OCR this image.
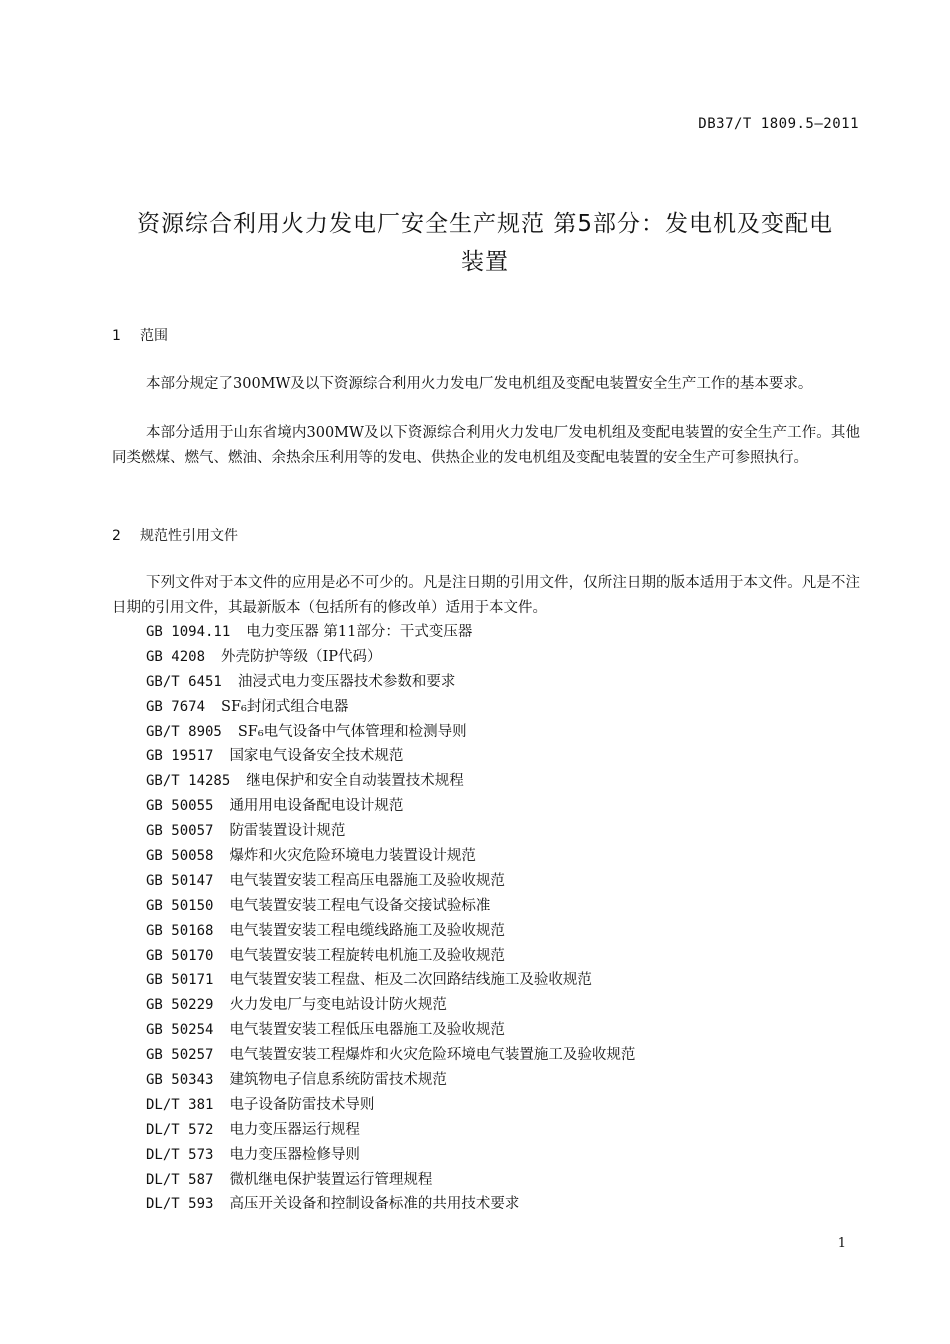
DB37/T 1809.5—2011
资源综合利用火力发电厂安全生产规范 第5部分：发电机及变配电
装置
1 范围

本部分规定了300MW及以下资源综合利用火力发电厂发电机组及变配电装置安全生产工作的基本要求。

本部分适用于山东省境内300MW及以下资源综合利用火力发电厂发电机组及变配电装置的安全生产工作。其他同类燃煤、燃气、燃油、余热余压利用等的发电、供热企业的发电机组及变配电装置的安全生产可参照执行。

2 规范性引用文件

下列文件对于本文件的应用是必不可少的。凡是注日期的引用文件，仅所注日期的版本适用于本文件。凡是不注日期的引用文件，其最新版本（包括所有的修改单）适用于本文件。

GB 1094.11 电力变压器 第11部分：干式变压器
GB 4208 外壳防护等级（IP代码）
GB/T 6451 油浸式电力变压器技术参数和要求
GB 7674 SF₆封闭式组合电器
GB/T 8905 SF₆电气设备中气体管理和检测导则
GB 19517 国家电气设备安全技术规范
GB/T 14285 继电保护和安全自动装置技术规程
GB 50055 通用用电设备配电设计规范
GB 50057 防雷装置设计规范
GB 50058 爆炸和火灾危险环境电力装置设计规范
GB 50147 电气装置安装工程高压电器施工及验收规范
GB 50150 电气装置安装工程电气设备交接试验标准
GB 50168 电气装置安装工程电缆线路施工及验收规范
GB 50170 电气装置安装工程旋转电机施工及验收规范
GB 50171 电气装置安装工程盘、柜及二次回路结线施工及验收规范
GB 50229 火力发电厂与变电站设计防火规范
GB 50254 电气装置安装工程低压电器施工及验收规范
GB 50257 电气装置安装工程爆炸和火灾危险环境电气装置施工及验收规范
GB 50343 建筑物电子信息系统防雷技术规范
DL/T 381 电子设备防雷技术导则
DL/T 572 电力变压器运行规程
DL/T 573 电力变压器检修导则
DL/T 587 微机继电保护装置运行管理规程
DL/T 593 高压开关设备和控制设备标准的共用技术要求
1
